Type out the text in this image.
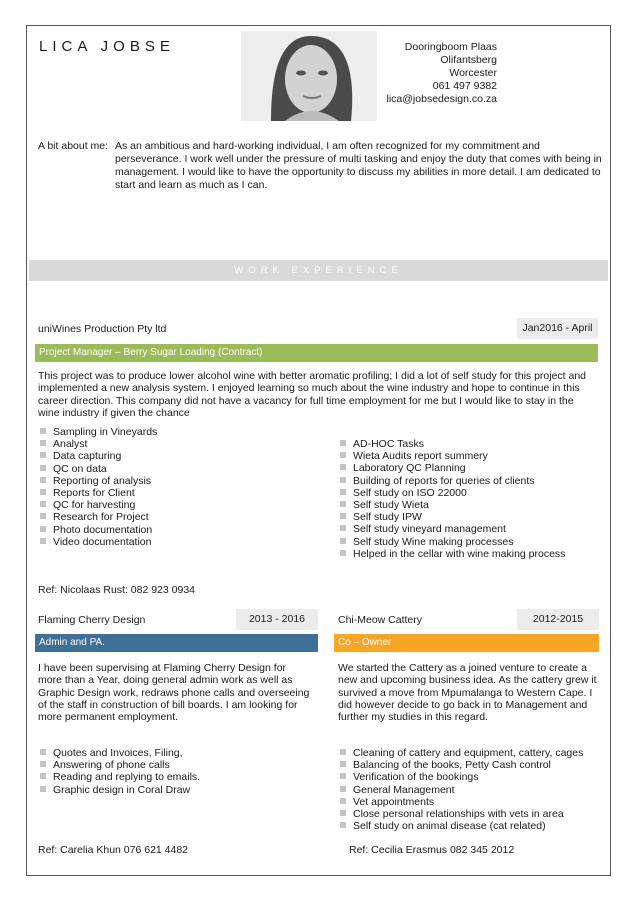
LICA JOBSE	Dooringboom Plaas
Olifantsberg
Worcester
061 497 9382
lica@jobsedesign.co.za
A bit about me: As an ambitious and hard-working individual, I am often recognized for my commitment and perseverance. I work well under the pressure of multi tasking and enjoy the duty that comes with being in management. I would like to have the opportunity to discuss my abilities in more detail. I am dedicated to start and learn as much as I can.
WORK EXPERIENCE
uniWines Production Pty ltd	Jan2016 - April
Project Manager – Berry Sugar Loading (Contract)
This project was to produce lower alcohol wine with better aromatic profiling; I did a lot of self study for this project and implemented a new analysis system. I enjoyed learning so much about the wine industry and hope to continue in this career direction. This company did not have a vacancy for full time employment for me but I would like to stay in the wine industry if given the chance
Sampling in Vineyards
Analyst
Data capturing
QC on data
Reporting of analysis
Reports for Client
QC for harvesting
Research for Project
Photo documentation
Video documentation
AD-HOC Tasks
Wieta Audits report summery
Laboratory QC Planning
Building of reports for queries of clients
Self study on ISO 22000
Self study Wieta
Self study IPW
Self study vineyard management
Self study Wine making processes
Helped in the cellar with wine making process
Ref: Nicolaas Rust: 082 923 0934
Flaming Cherry Design	2013 - 2016
Admin and PA.
I have been supervising at Flaming Cherry Design for more than a Year, doing general admin work as well as Graphic Design work, redraws phone calls and overseeing of the staff in construction of bill boards. I am looking for more permanent employment.
Quotes and Invoices, Filing,
Answering of phone calls
Reading and replying to emails.
Graphic design in Coral Draw
Ref: Carelia Khun 076 621 4482
Chi-Meow Cattery	2012-2015
Co – Owner
We started the Cattery as a joined venture to create a new and upcoming business idea. As the cattery grew it survived a move from Mpumalanga to Western Cape. I did however decide to go back in to Management and further my studies in this regard.
Cleaning of cattery and equipment, cattery, cages
Balancing of the books, Petty Cash control
Verification of the bookings
General Management
Vet appointments
Close personal relationships with vets in area
Self study on animal disease (cat related)
Ref: Cecilia Erasmus 082 345 2012
